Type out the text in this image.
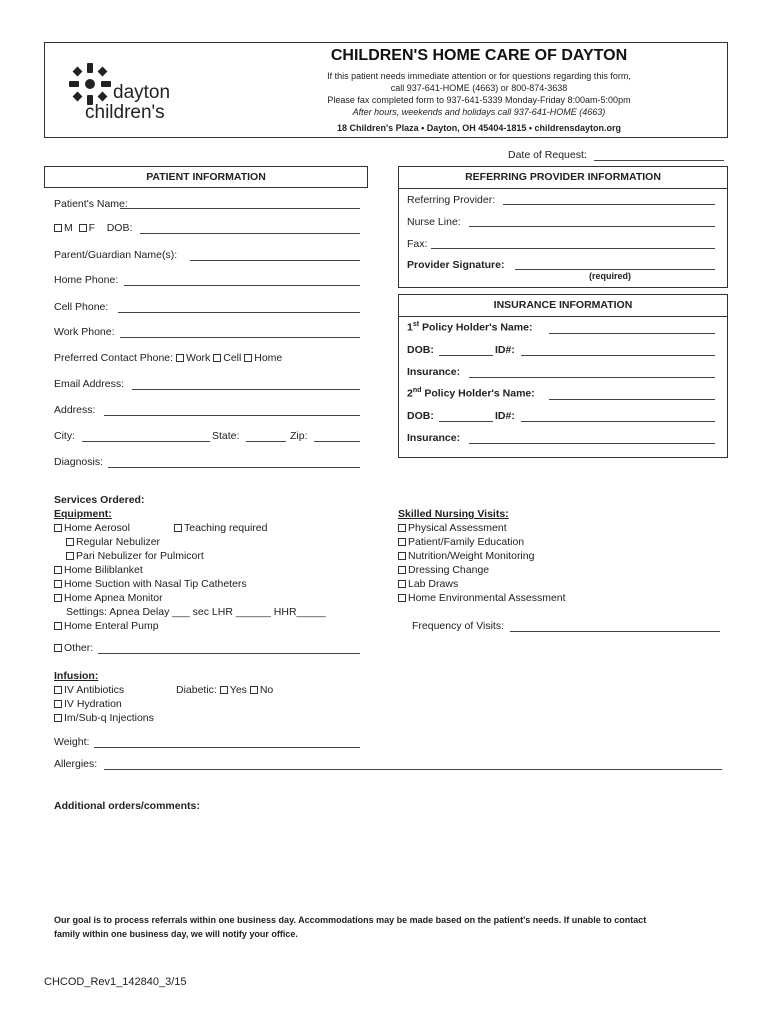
dayton
children's
CHILDREN'S HOME CARE OF DAYTON
If this patient needs immediate attention or for questions regarding this form,
call 937-641-HOME (4663) or 800-874-3638
Please fax completed form to 937-641-5339 Monday-Friday 8:00am-5:00pm
After hours, weekends and holidays call 937-641-HOME (4663)
18 Children's Plaza • Dayton, OH 45404-1815 • childrensdayton.org
Date of Request:
PATIENT INFORMATION
Patient's Name:
M F DOB:
Parent/Guardian Name(s):
Home Phone:
Cell Phone:
Work Phone:
Preferred Contact Phone: Work Cell Home
Email Address:
Address:
City:	State:	Zip:
Diagnosis:
REFERRING PROVIDER INFORMATION
Referring Provider:
Nurse Line:
Fax:
Provider Signature:
(required)
INSURANCE INFORMATION
1st Policy Holder's Name:
DOB:	ID#:
Insurance:
2nd Policy Holder's Name:
DOB:	ID#:
Insurance:
Services Ordered:
Equipment:
Home Aerosol	Teaching required
Regular Nebulizer
Pari Nebulizer for Pulmicort
Home Biliblanket
Home Suction with Nasal Tip Catheters
Home Apnea Monitor
Settings: Apnea Delay ___ sec LHR ______ HHR_____
Home Enteral Pump
Other:
Infusion:
IV Antibiotics	Diabetic: Yes No
IV Hydration
Im/Sub-q Injections
Weight:
Allergies:
Skilled Nursing Visits:
Physical Assessment
Patient/Family Education
Nutrition/Weight Monitoring
Dressing Change
Lab Draws
Home Environmental Assessment
Frequency of Visits:
Additional orders/comments:
Our goal is to process referrals within one business day. Accommodations may be made based on the patient's needs. If unable to contact
family within one business day, we will notify your office.
CHCOD_Rev1_142840_3/15
